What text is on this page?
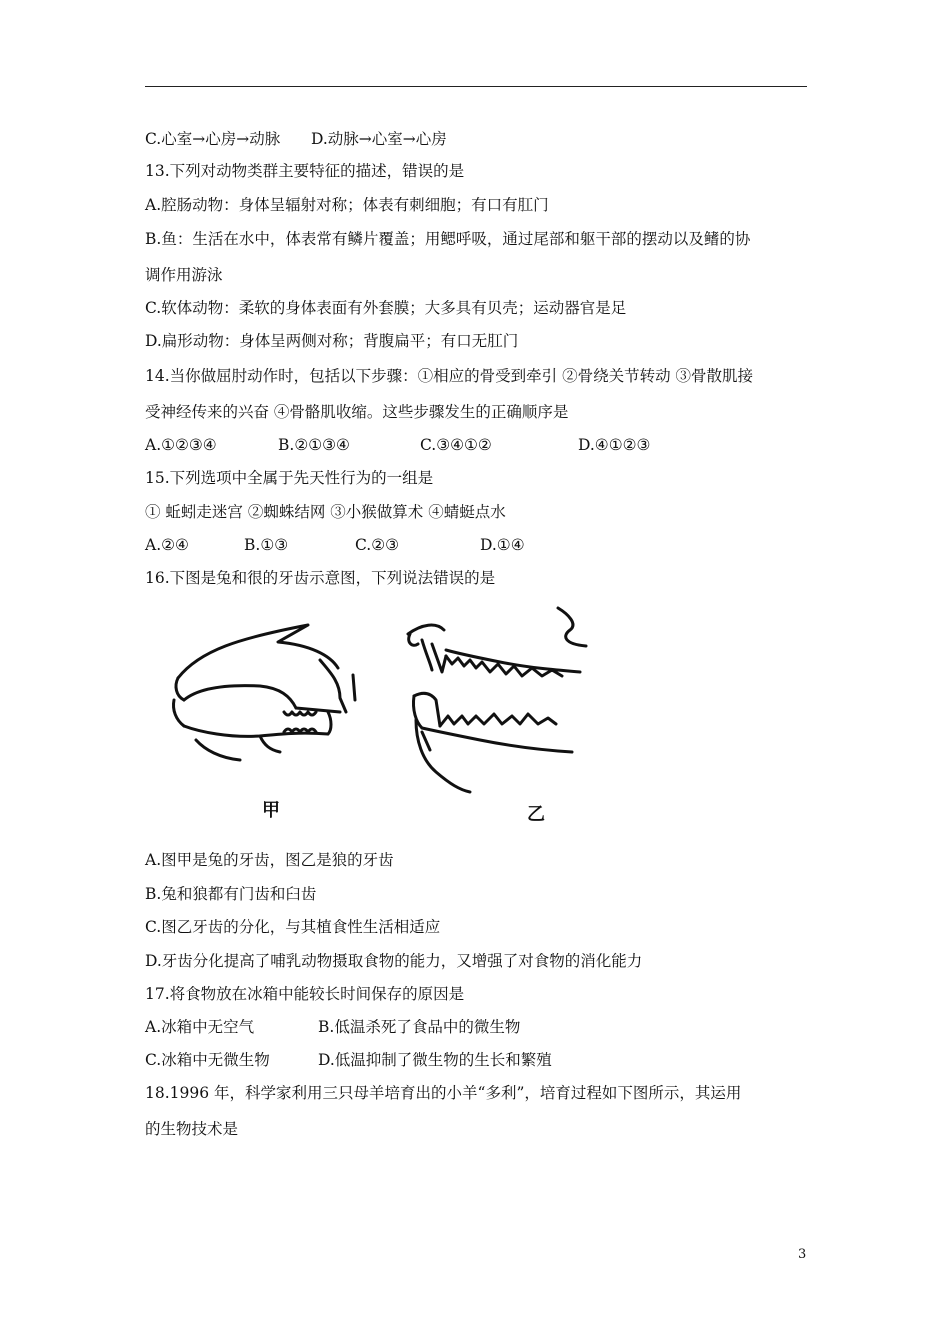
C.心室→心房→动脉 D.动脉→心室→心房
13.下列对动物类群主要特征的描述，错误的是
A.腔肠动物：身体呈辐射对称；体表有刺细胞；有口有肛门
B.鱼：生活在水中，体表常有鳞片覆盖；用鳃呼吸，通过尾部和躯干部的摆动以及鳍的协
调作用游泳
C.软体动物：柔软的身体表面有外套膜；大多具有贝壳；运动器官是足
D.扁形动物：身体呈两侧对称；背腹扁平；有口无肛门
14.当你做屈肘动作时，包括以下步骤：①相应的骨受到牵引 ②骨绕关节转动 ③骨散肌接
受神经传来的兴奋 ④骨骼肌收缩。这些步骤发生的正确顺序是
A.①②③④	B.②①③④	C.③④①②	D.④①②③
15.下列选项中全属于先天性行为的一组是
① 蚯蚓走迷宫 ②蜘蛛结网 ③小猴做算术 ④蜻蜓点水
A.②④	B.①③	C.②③	D.①④
16.下图是兔和很的牙齿示意图，下列说法错误的是
甲	乙
A.图甲是兔的牙齿，图乙是狼的牙齿
B.兔和狼都有门齿和臼齿
C.图乙牙齿的分化，与其植食性生活相适应
D.牙齿分化提高了哺乳动物摄取食物的能力，又增强了对食物的消化能力
17.将食物放在冰箱中能较长时间保存的原因是
A.冰箱中无空气	B.低温杀死了食品中的微生物
C.冰箱中无微生物	D.低温抑制了微生物的生长和繁殖
18.1996 年，科学家利用三只母羊培育出的小羊“多利”，培育过程如下图所示，其运用
的生物技术是
3
